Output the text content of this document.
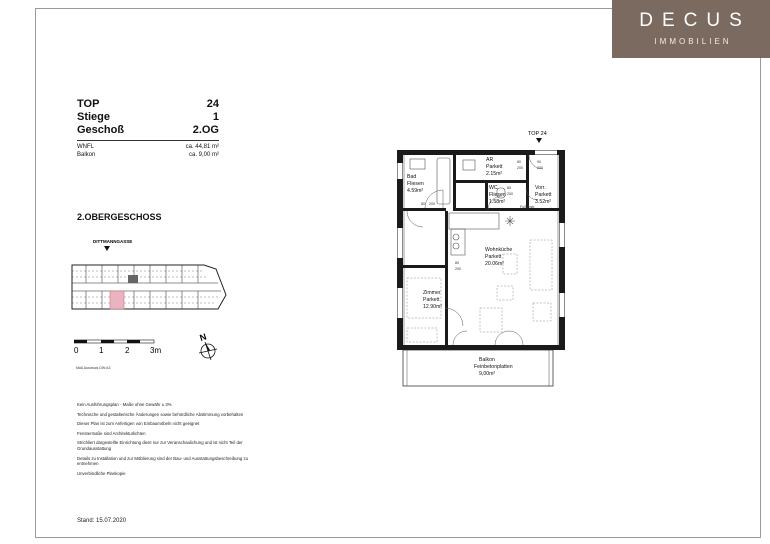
DECUS
IMMOBILIEN
TOP	24
Stiege	1
Geschoß	2.OG
WNFL	ca. 44,81 m²
Balkon	ca. 9,00 m²
2.OBERGESCHOSS
DITTMANNGASSE
0	1	2	3m
Maß Ausdruck DIN A3
N
Kein Ausführungsplan - Maße ohne Gewähr ± 3%
Technische und gestalterische Änderungen sowie behördliche Abstimmung vorbehalten
Dieser Plan ist zum Anfertigen von Einbaumöbeln nicht geeignet
Fenstermaße sind Architekturlichten
Strichliert dargestellte Einrichtung dient nur zur Veranschaulichung und ist nicht Teil der Grundausstattung
Details zu Installation und zur Möblierung sind der Bau- und Ausstattungsbeschreibung zu entnehmen
Unverbindliche Plankopie
Stand: 15.07.2020
TOP 24
AR
Parkett
2.15m²
Bad
Fliesen
4.59m²	WC
Fliesen
1.58m²
Vorr.
Parkett
3.52m²
Wohnküche
Parkett
20.06m²
Zimmer
Parkett
12.90m²
Balkon
Feinbetonplatten
9,00m²
80 200
80
200
90
200
80
200
80
200
Fußabstr.
